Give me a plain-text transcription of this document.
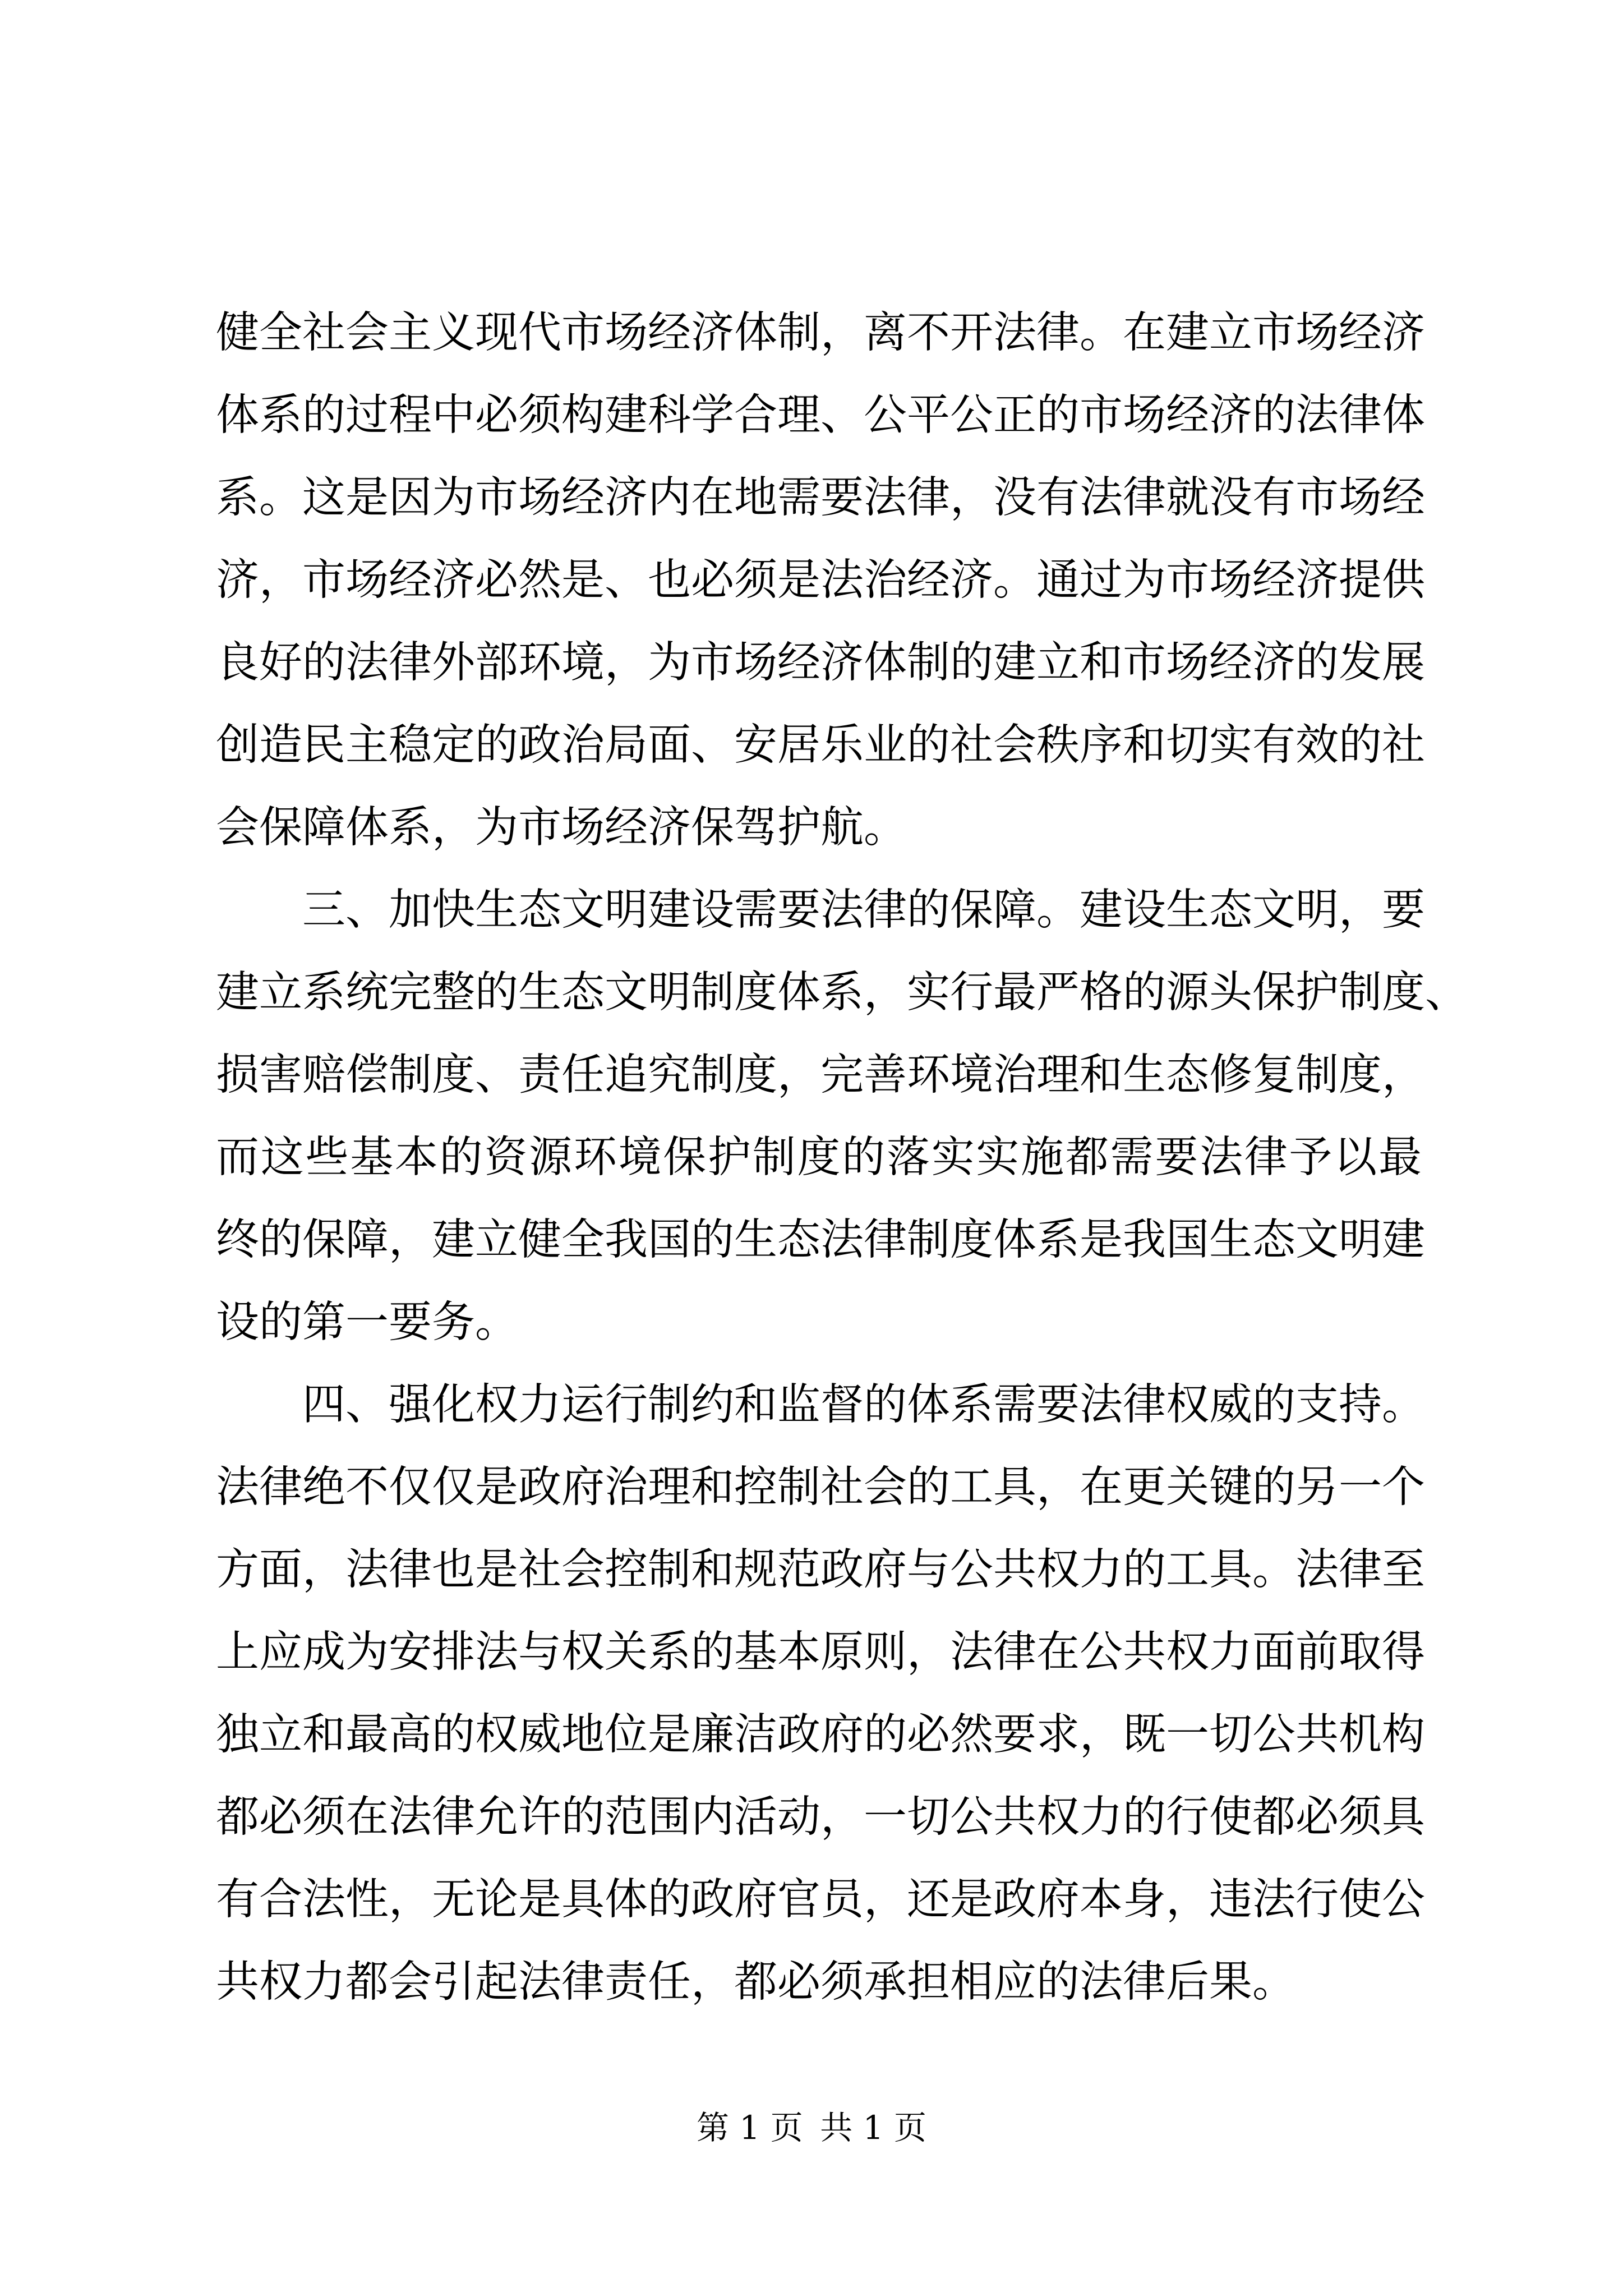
健全社会主义现代市场经济体制，离不开法律。在建立市场经济
体系的过程中必须构建科学合理、公平公正的市场经济的法律体
系。这是因为市场经济内在地需要法律，没有法律就没有市场经
济，市场经济必然是、也必须是法治经济。通过为市场经济提供
良好的法律外部环境，为市场经济体制的建立和市场经济的发展
创造民主稳定的政治局面、安居乐业的社会秩序和切实有效的社
会保障体系，为市场经济保驾护航。
三、加快生态文明建设需要法律的保障。建设生态文明，要
建立系统完整的生态文明制度体系，实行最严格的源头保护制度、
损害赔偿制度、责任追究制度，完善环境治理和生态修复制度，
而这些基本的资源环境保护制度的落实实施都需要法律予以最
终的保障，建立健全我国的生态法律制度体系是我国生态文明建
设的第一要务。
四、强化权力运行制约和监督的体系需要法律权威的支持。
法律绝不仅仅是政府治理和控制社会的工具，在更关键的另一个
方面，法律也是社会控制和规范政府与公共权力的工具。法律至
上应成为安排法与权关系的基本原则，法律在公共权力面前取得
独立和最高的权威地位是廉洁政府的必然要求，既一切公共机构
都必须在法律允许的范围内活动，一切公共权力的行使都必须具
有合法性，无论是具体的政府官员，还是政府本身，违法行使公
共权力都会引起法律责任，都必须承担相应的法律后果。
第 1 页 共 1 页
